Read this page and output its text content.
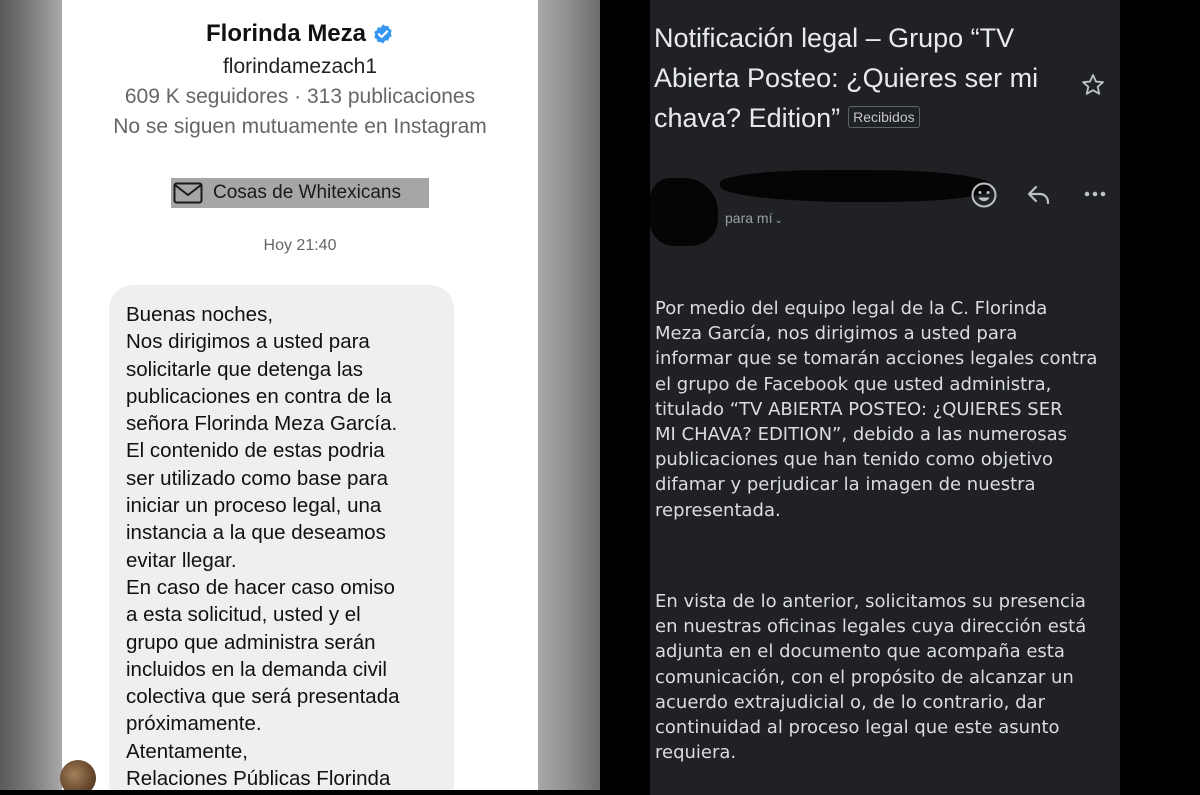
Florinda Meza
florindamezach1
609 K seguidores · 313 publicaciones
No se siguen mutuamente en Instagram
Cosas de Whitexicans
Hoy 21:40
Buenas noches,
Nos dirigimos a usted para
solicitarle que detenga las
publicaciones en contra de la
señora Florinda Meza García.
El contenido de estas podria
ser utilizado como base para
iniciar un proceso legal, una
instancia a la que deseamos
evitar llegar.
En caso de hacer caso omiso
a esta solicitud, usted y el
grupo que administra serán
incluidos en la demanda civil
colectiva que será presentada
próximamente.
Atentamente,
Relaciones Públicas Florinda
Notificación legal – Grupo “TV
Abierta Posteo: ¿Quieres ser mi
chava? Edition” Recibidos
para mí ⌄
Por medio del equipo legal de la C. Florinda
Meza García, nos dirigimos a usted para
informar que se tomarán acciones legales contra
el grupo de Facebook que usted administra,
titulado “TV ABIERTA POSTEO: ¿QUIERES SER
MI CHAVA? EDITION”, debido a las numerosas
publicaciones que han tenido como objetivo
difamar y perjudicar la imagen de nuestra
representada.
En vista de lo anterior, solicitamos su presencia
en nuestras oficinas legales cuya dirección está
adjunta en el documento que acompaña esta
comunicación, con el propósito de alcanzar un
acuerdo extrajudicial o, de lo contrario, dar
continuidad al proceso legal que este asunto
requiera.
